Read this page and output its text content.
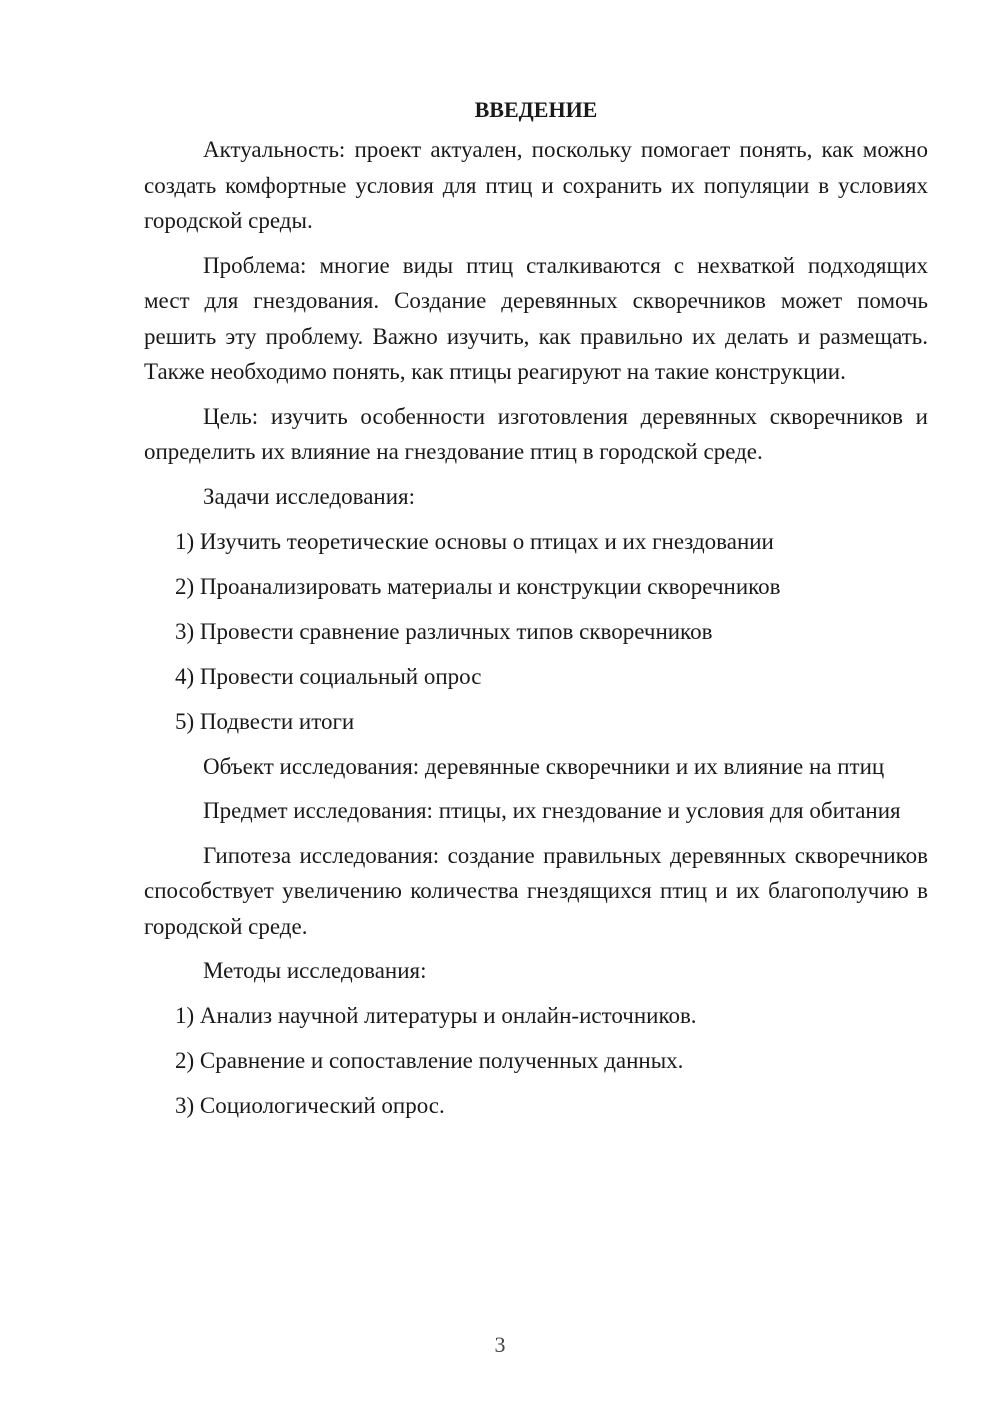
ВВЕДЕНИЕ

Актуальность: проект актуален, поскольку помогает понять, как можно создать комфортные условия для птиц и сохранить их популяции в условиях городской среды.

Проблема: многие виды птиц сталкиваются с нехваткой подходящих мест для гнездования. Создание деревянных скворечников может помочь решить эту проблему. Важно изучить, как правильно их делать и размещать. Также необходимо понять, как птицы реагируют на такие конструкции.

Цель: изучить особенности изготовления деревянных скворечников и определить их влияние на гнездование птиц в городской среде.

Задачи исследования:
1) Изучить теоретические основы о птицах и их гнездовании
2) Проанализировать материалы и конструкции скворечников
3) Провести сравнение различных типов скворечников
4) Провести социальный опрос
5) Подвести итоги

Объект исследования: деревянные скворечники и их влияние на птиц

Предмет исследования: птицы, их гнездование и условия для обитания

Гипотеза исследования: создание правильных деревянных скворечников способствует увеличению количества гнездящихся птиц и их благополучию в городской среде.

Методы исследования:
1) Анализ научной литературы и онлайн-источников.
2) Сравнение и сопоставление полученных данных.
3) Социологический опрос.
3
